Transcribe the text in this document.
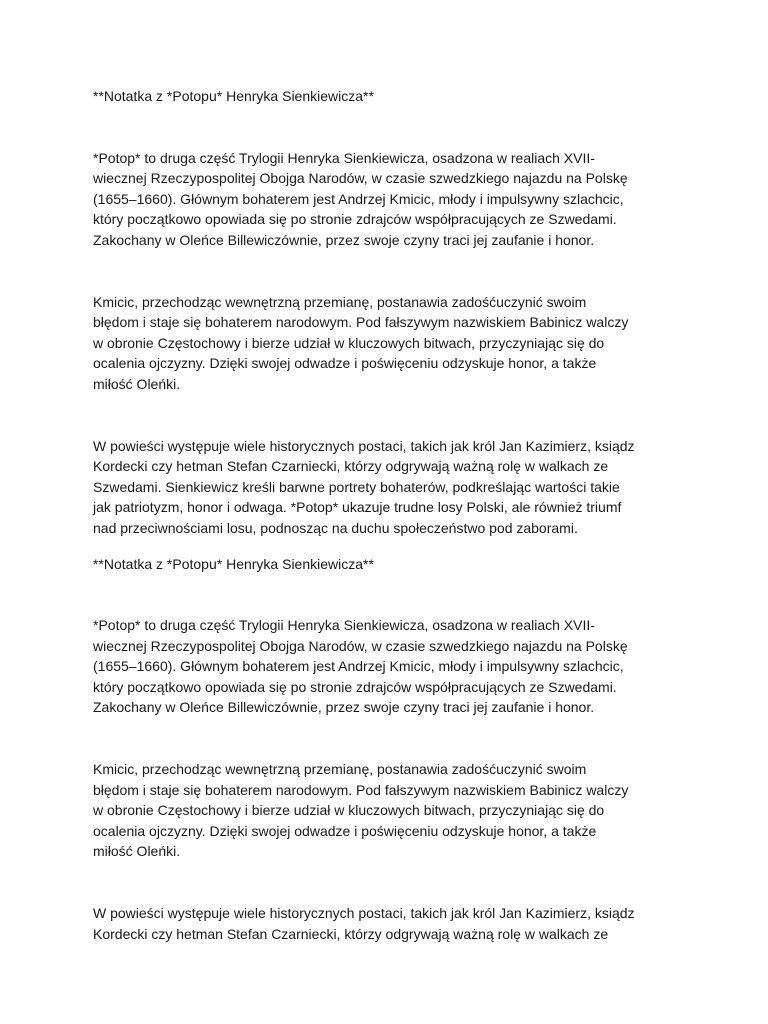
**Notatka z *Potopu* Henryka Sienkiewicza**
*Potop* to druga część Trylogii Henryka Sienkiewicza, osadzona w realiach XVII-
wiecznej Rzeczypospolitej Obojga Narodów, w czasie szwedzkiego najazdu na Polskę
(1655–1660). Głównym bohaterem jest Andrzej Kmicic, młody i impulsywny szlachcic,
który początkowo opowiada się po stronie zdrajców współpracujących ze Szwedami.
Zakochany w Oleńce Billewiczównie, przez swoje czyny traci jej zaufanie i honor.
Kmicic, przechodząc wewnętrzną przemianę, postanawia zadośćuczynić swoim
błędom i staje się bohaterem narodowym. Pod fałszywym nazwiskiem Babinicz walczy
w obronie Częstochowy i bierze udział w kluczowych bitwach, przyczyniając się do
ocalenia ojczyzny. Dzięki swojej odwadze i poświęceniu odzyskuje honor, a także
miłość Oleńki.
W powieści występuje wiele historycznych postaci, takich jak król Jan Kazimierz, ksiądz
Kordecki czy hetman Stefan Czarniecki, którzy odgrywają ważną rolę w walkach ze
Szwedami. Sienkiewicz kreśli barwne portrety bohaterów, podkreślając wartości takie
jak patriotyzm, honor i odwaga. *Potop* ukazuje trudne losy Polski, ale również triumf
nad przeciwnościami losu, podnosząc na duchu społeczeństwo pod zaborami.
**Notatka z *Potopu* Henryka Sienkiewicza**
*Potop* to druga część Trylogii Henryka Sienkiewicza, osadzona w realiach XVII-
wiecznej Rzeczypospolitej Obojga Narodów, w czasie szwedzkiego najazdu na Polskę
(1655–1660). Głównym bohaterem jest Andrzej Kmicic, młody i impulsywny szlachcic,
który początkowo opowiada się po stronie zdrajców współpracujących ze Szwedami.
Zakochany w Oleńce Billewiczównie, przez swoje czyny traci jej zaufanie i honor.
Kmicic, przechodząc wewnętrzną przemianę, postanawia zadośćuczynić swoim
błędom i staje się bohaterem narodowym. Pod fałszywym nazwiskiem Babinicz walczy
w obronie Częstochowy i bierze udział w kluczowych bitwach, przyczyniając się do
ocalenia ojczyzny. Dzięki swojej odwadze i poświęceniu odzyskuje honor, a także
miłość Oleńki.
W powieści występuje wiele historycznych postaci, takich jak król Jan Kazimierz, ksiądz
Kordecki czy hetman Stefan Czarniecki, którzy odgrywają ważną rolę w walkach ze
